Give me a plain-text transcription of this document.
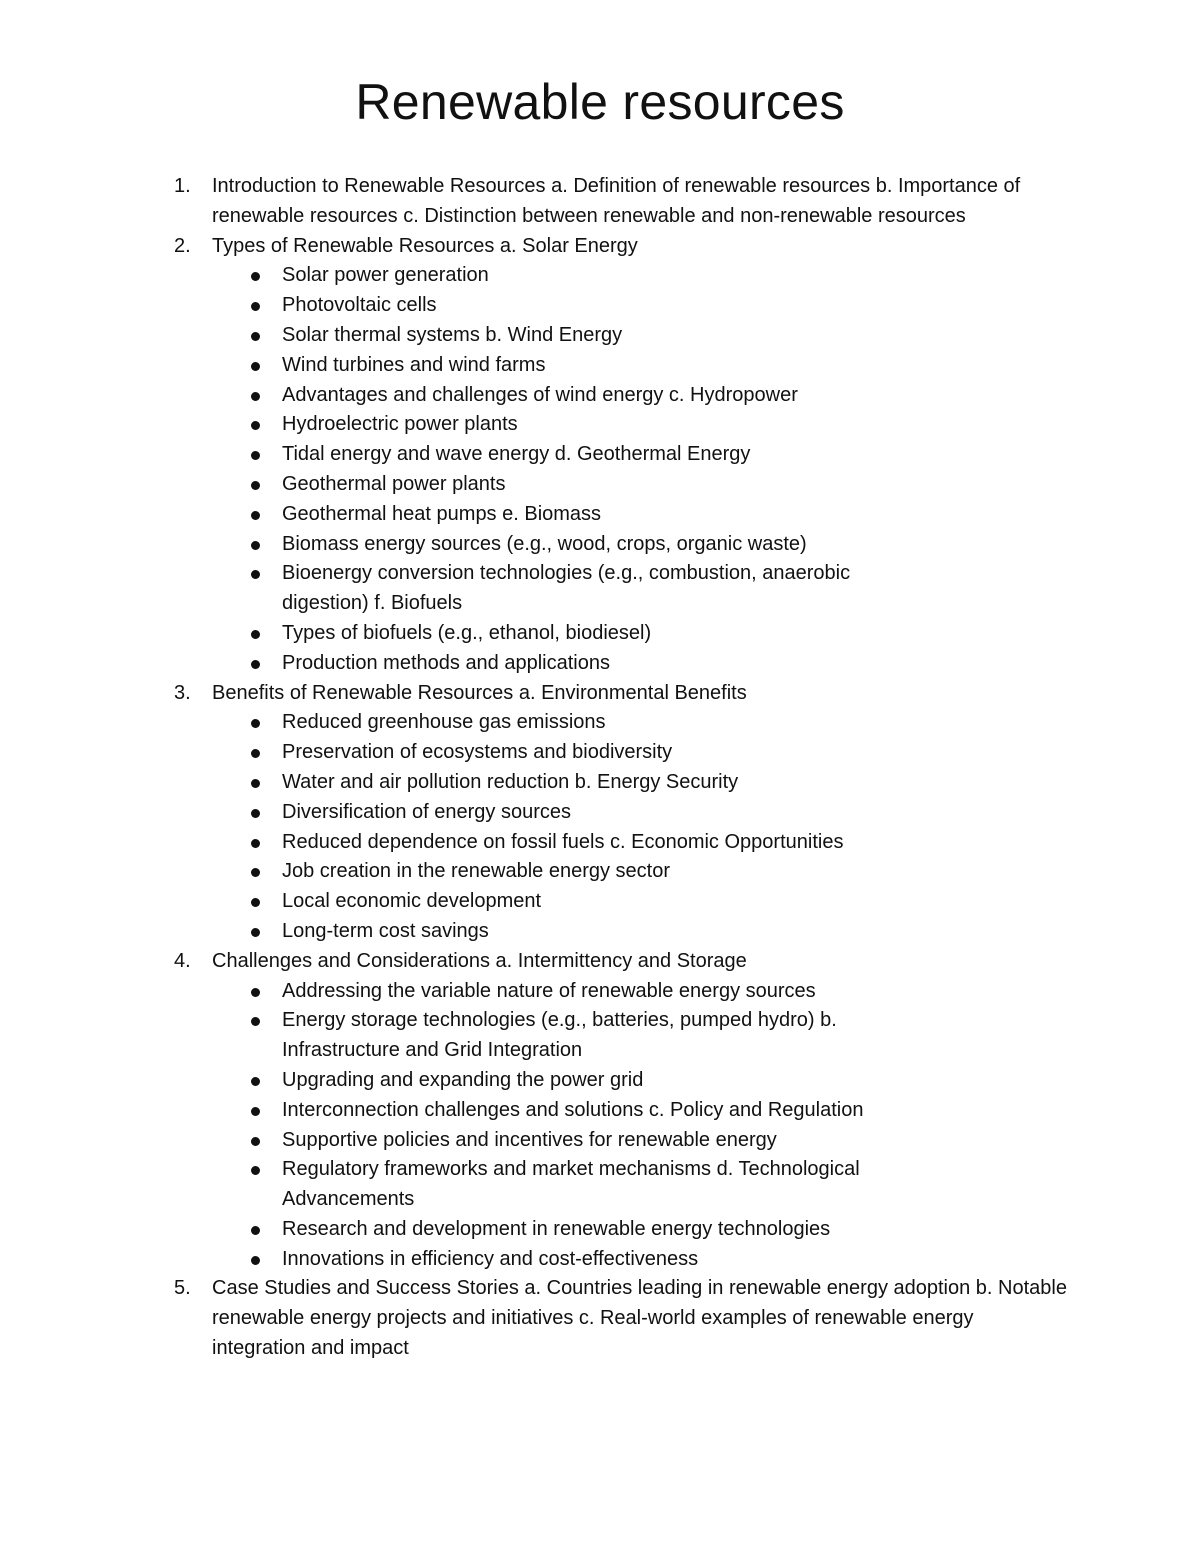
Renewable resources
1. Introduction to Renewable Resources a. Definition of renewable resources b. Importance of renewable resources c. Distinction between renewable and non-renewable resources
2. Types of Renewable Resources a. Solar Energy
Solar power generation
Photovoltaic cells
Solar thermal systems b. Wind Energy
Wind turbines and wind farms
Advantages and challenges of wind energy c. Hydropower
Hydroelectric power plants
Tidal energy and wave energy d. Geothermal Energy
Geothermal power plants
Geothermal heat pumps e. Biomass
Biomass energy sources (e.g., wood, crops, organic waste)
Bioenergy conversion technologies (e.g., combustion, anaerobic digestion) f. Biofuels
Types of biofuels (e.g., ethanol, biodiesel)
Production methods and applications
3. Benefits of Renewable Resources a. Environmental Benefits
Reduced greenhouse gas emissions
Preservation of ecosystems and biodiversity
Water and air pollution reduction b. Energy Security
Diversification of energy sources
Reduced dependence on fossil fuels c. Economic Opportunities
Job creation in the renewable energy sector
Local economic development
Long-term cost savings
4. Challenges and Considerations a. Intermittency and Storage
Addressing the variable nature of renewable energy sources
Energy storage technologies (e.g., batteries, pumped hydro) b. Infrastructure and Grid Integration
Upgrading and expanding the power grid
Interconnection challenges and solutions c. Policy and Regulation
Supportive policies and incentives for renewable energy
Regulatory frameworks and market mechanisms d. Technological Advancements
Research and development in renewable energy technologies
Innovations in efficiency and cost-effectiveness
5. Case Studies and Success Stories a. Countries leading in renewable energy adoption b. Notable renewable energy projects and initiatives c. Real-world examples of renewable energy integration and impact
